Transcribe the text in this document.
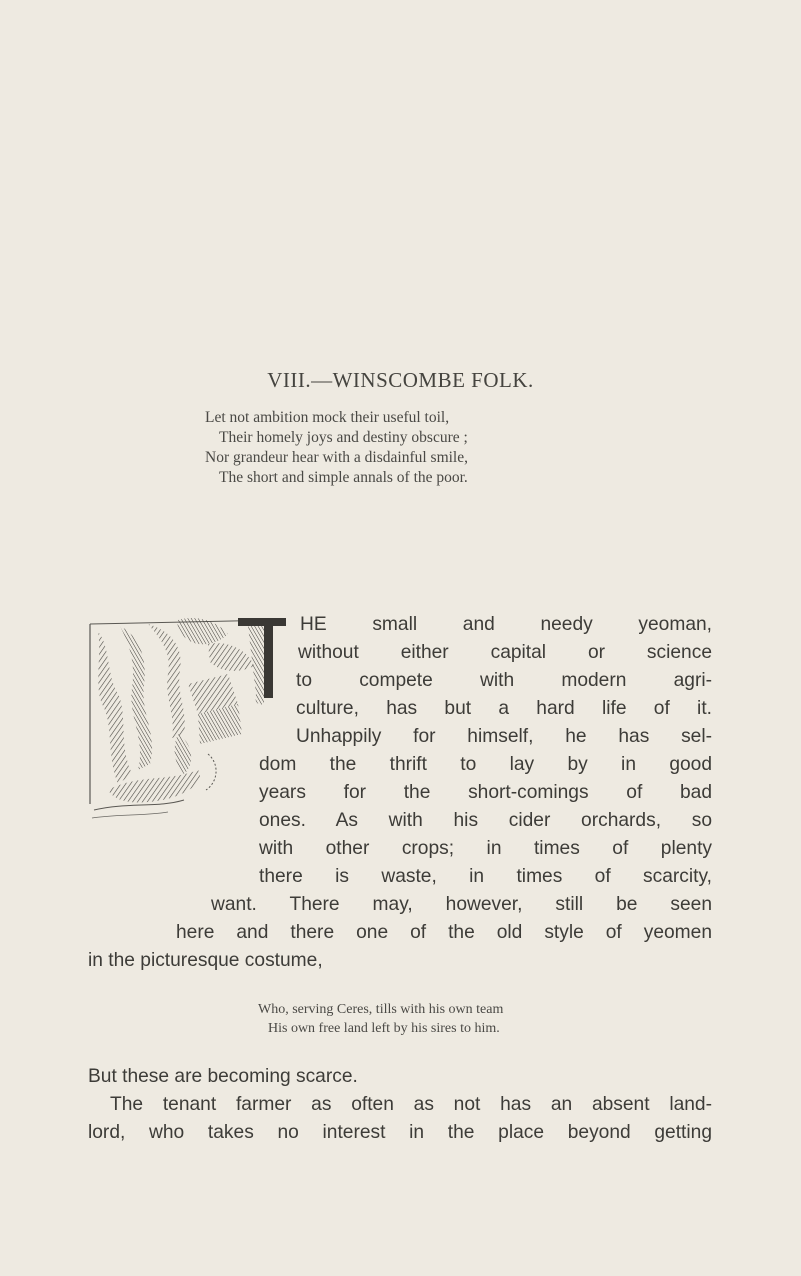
VIII.—WINSCOMBE FOLK.
Let not ambition mock their useful toil,
Their homely joys and destiny obscure ;
Nor grandeur hear with a disdainful smile,
The short and simple annals of the poor.
HE small and needy yeoman,
without either capital or science
to compete with modern agri-
culture, has but a hard life of it.
Unhappily for himself, he has sel-
dom the thrift to lay by in good
years for the short-comings of bad
ones. As with his cider orchards, so
with other crops; in times of plenty
there is waste, in times of scarcity,
want. There may, however, still be seen
here and there one of the old style of yeomen
in the picturesque costume,
Who, serving Ceres, tills with his own team
His own free land left by his sires to him.
But these are becoming scarce.
The tenant farmer as often as not has an absent land-
lord, who takes no interest in the place beyond getting
